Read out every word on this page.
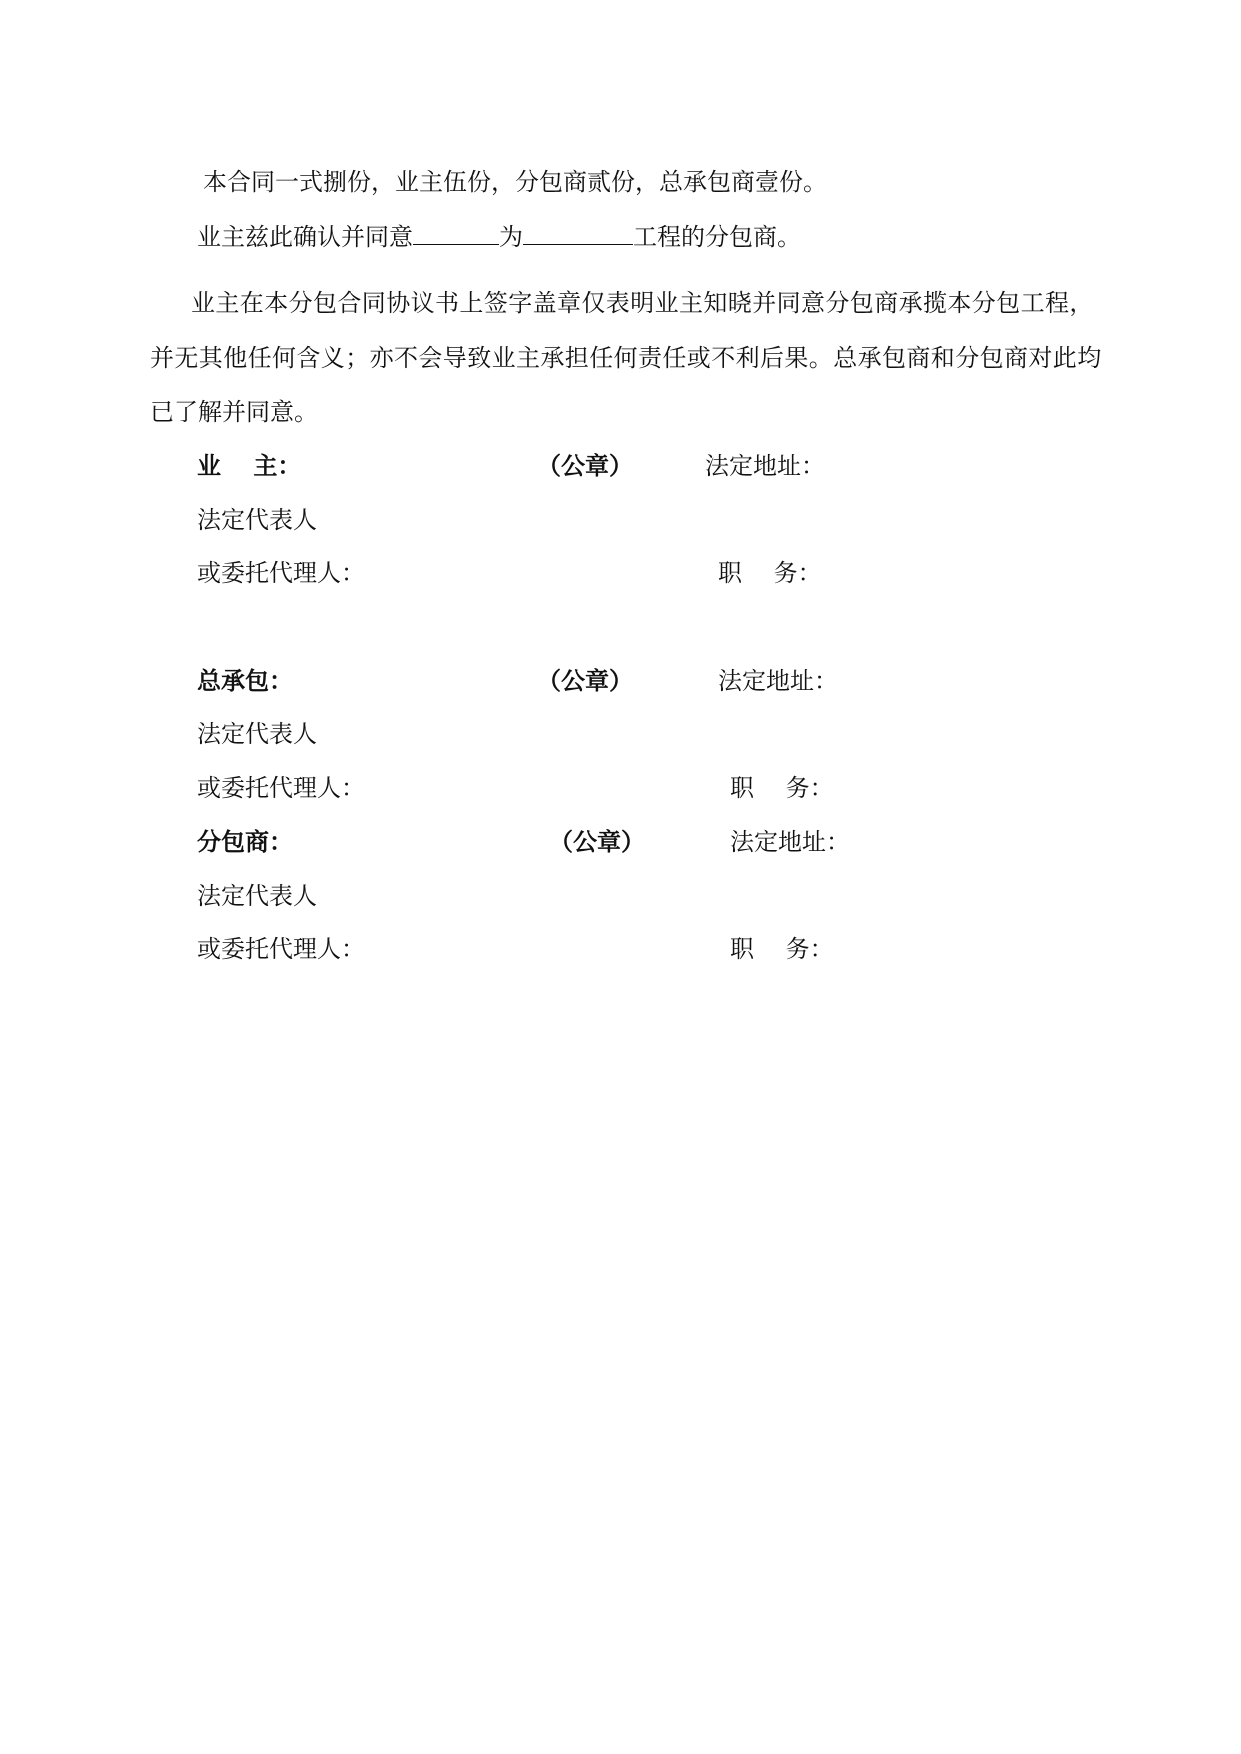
本合同一式捌份，业主伍份，分包商贰份，总承包商壹份。
业主兹此确认并同意	为	工程的分包商。
业主在本分包合同协议书上签字盖章仅表明业主知晓并同意分包商承揽本分包工程，
并无其他任何含义；亦不会导致业主承担任何责任或不利后果。总承包商和分包商对此均
已了解并同意。
业　 主：	（公章）	法定地址：
法定代表人
或委托代理人：	职　 务：
总承包：	（公章）	法定地址：
法定代表人
或委托代理人：	职　 务：
分包商：	（公章）	法定地址：
法定代表人
或委托代理人：	职　 务：
